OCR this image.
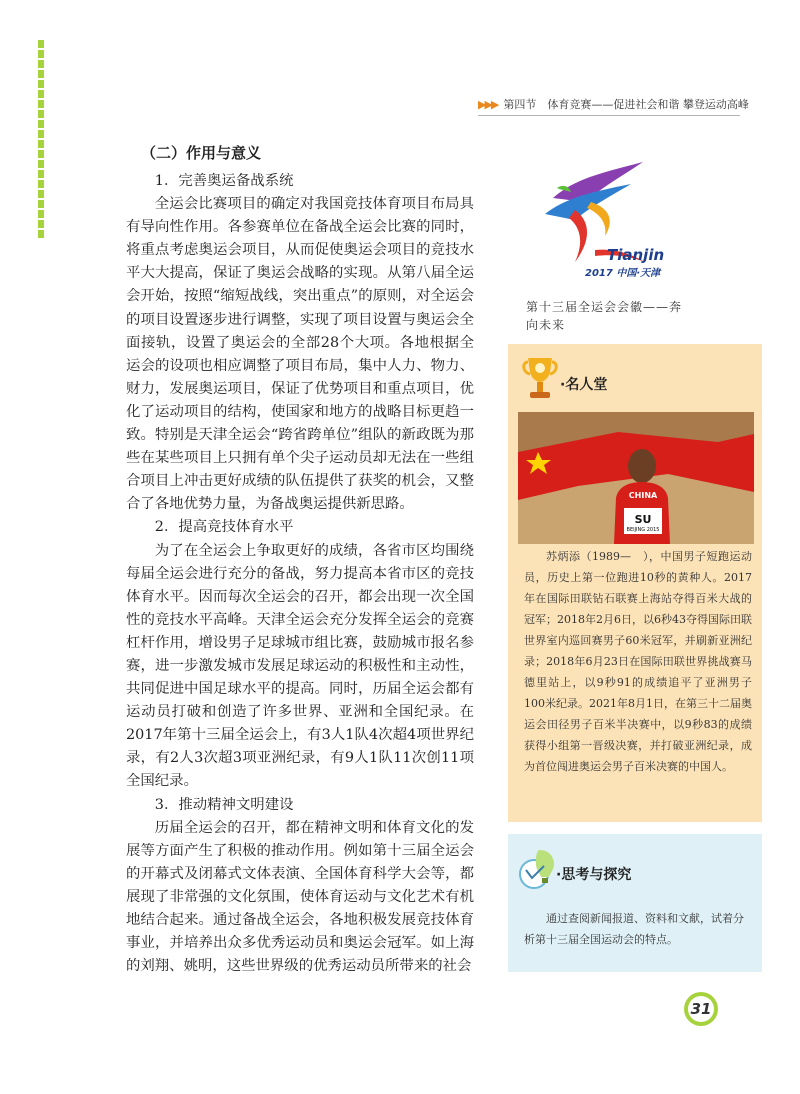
▶▶▶ 第四节　体育竞赛——促进社会和谐 攀登运动高峰
（二）作用与意义
1．完善奥运备战系统

全运会比赛项目的确定对我国竞技体育项目布局具有导向性作用。各参赛单位在备战全运会比赛的同时，将重点考虑奥运会项目，从而促使奥运会项目的竞技水平大大提高，保证了奥运会战略的实现。从第八届全运会开始，按照“缩短战线，突出重点”的原则，对全运会的项目设置逐步进行调整，实现了项目设置与奥运会全面接轨，设置了奥运会的全部28个大项。各地根据全运会的设项也相应调整了项目布局，集中人力、物力、财力，发展奥运项目，保证了优势项目和重点项目，优化了运动项目的结构，使国家和地方的战略目标更趋一致。特别是天津全运会“跨省跨单位”组队的新政既为那些在某些项目上只拥有单个尖子运动员却无法在一些组合项目上冲击更好成绩的队伍提供了获奖的机会，又整合了各地优势力量，为备战奥运提供新思路。

2．提高竞技体育水平

为了在全运会上争取更好的成绩，各省市区均围绕每届全运会进行充分的备战，努力提高本省市区的竞技体育水平。因而每次全运会的召开，都会出现一次全国性的竞技水平高峰。天津全运会充分发挥全运会的竞赛杠杆作用，增设男子足球城市组比赛，鼓励城市报名参赛，进一步激发城市发展足球运动的积极性和主动性，共同促进中国足球水平的提高。同时，历届全运会都有运动员打破和创造了许多世界、亚洲和全国纪录。在2017年第十三届全运会上，有3人1队4次超4项世界纪录，有2人3次超3项亚洲纪录，有9人1队11次创11项全国纪录。

3．推动精神文明建设

历届全运会的召开，都在精神文明和体育文化的发展等方面产生了积极的推动作用。例如第十三届全运会的开幕式及闭幕式文体表演、全国体育科学大会等，都展现了非常强的文化氛围，使体育运动与文化艺术有机地结合起来。通过备战全运会，各地积极发展竞技体育事业，并培养出众多优秀运动员和奥运会冠军。如上海的刘翔、姚明，这些世界级的优秀运动员所带来的社会

Tianjin
2017 中国·天津
第十三届全运会会徽——奔向未来
·名人堂
CHINA
SU
BEIJING 2015
苏炳添（1989—　），中国男子短跑运动员，历史上第一位跑进10秒的黄种人。2017年在国际田联钻石联赛上海站夺得百米大战的冠军；2018年2月6日，以6秒43夺得国际田联世界室内巡回赛男子60米冠军，并刷新亚洲纪录；2018年6月23日在国际田联世界挑战赛马德里站上，以9秒91的成绩追平了亚洲男子100米纪录。2021年8月1日，在第三十二届奥运会田径男子百米半决赛中，以9秒83的成绩获得小组第一晋级决赛，并打破亚洲纪录，成为首位闯进奥运会男子百米决赛的中国人。
·思考与探究
通过查阅新闻报道、资料和文献，试着分析第十三届全国运动会的特点。
31
